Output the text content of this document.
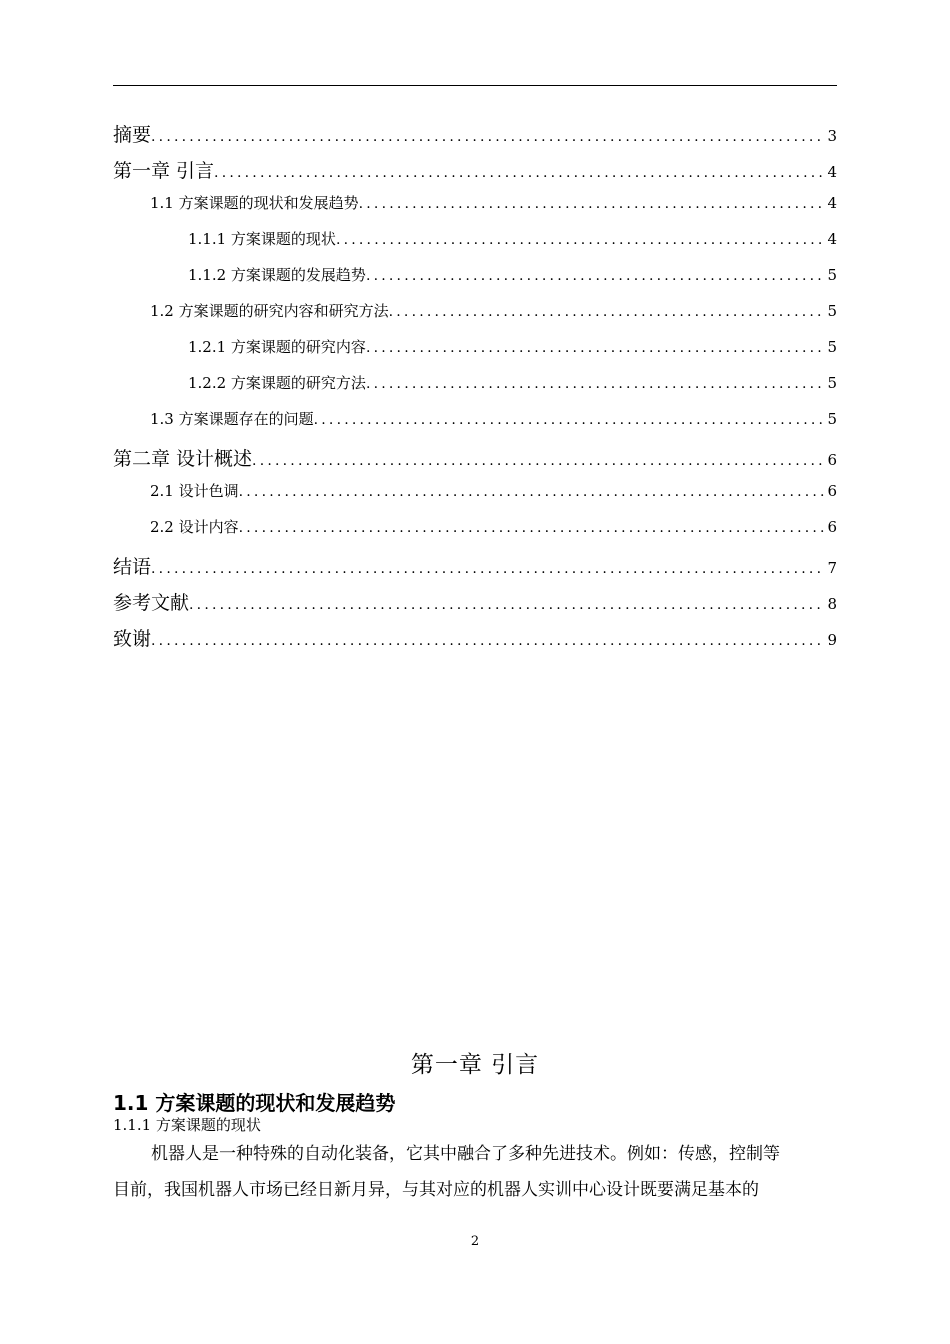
摘要 .....	3
第一章 引言 .....	4
1.1 方案课题的现状和发展趋势 .....	4
1.1.1 方案课题的现状 .....	4
1.1.2 方案课题的发展趋势 .....	5
1.2 方案课题的研究内容和研究方法 .....	5
1.2.1 方案课题的研究内容 .....	5
1.2.2 方案课题的研究方法 .....	5
1.3 方案课题存在的问题 .....	5
第二章 设计概述 .....	6
2.1 设计色调 .....	6
2.2 设计内容 .....	6
结语 .....	7
参考文献 .....	8
致谢 .....	9
第一章 引言
1.1 方案课题的现状和发展趋势
1.1.1 方案课题的现状
机器人是一种特殊的自动化装备，它其中融合了多种先进技术。例如：传感，控制等
目前，我国机器人市场已经日新月异，与其对应的机器人实训中心设计既要满足基本的
2
